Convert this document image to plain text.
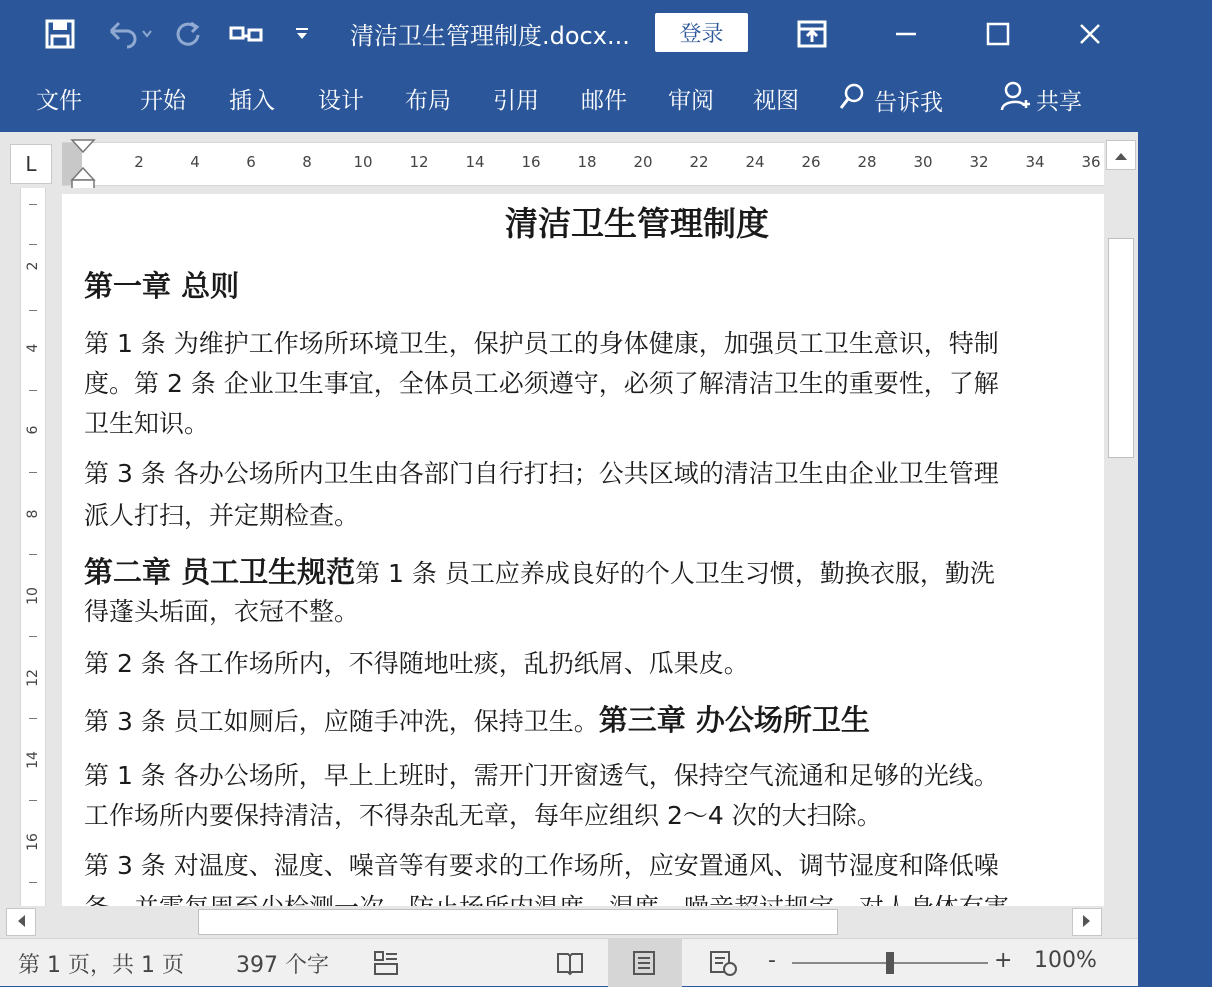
清洁卫生管理制度.docx...	登录
文件	开始 插入 设计 布局 引用 邮件 审阅 视图	告诉我	共享
L	2	4	6	8	10	12	14	16	18	20	22	24	26	28	30	32	34	36
2
4
6
8
10
12
14
16
清洁卫生管理制度
第一章 总则
第 1 条 为维护工作场所环境卫生，保护员工的身体健康，加强员工卫生意识，特制
度。第 2 条 企业卫生事宜，全体员工必须遵守，必须了解清洁卫生的重要性，了解
卫生知识。
第 3 条 各办公场所内卫生由各部门自行打扫；公共区域的清洁卫生由企业卫生管理
派人打扫，并定期检查。
第二章 员工卫生规范第 1 条 员工应养成良好的个人卫生习惯，勤换衣服，勤洗
得蓬头垢面，衣冠不整。
第 2 条 各工作场所内，不得随地吐痰，乱扔纸屑、瓜果皮。
第 3 条 员工如厕后，应随手冲洗，保持卫生。第三章 办公场所卫生
第 1 条 各办公场所，早上上班时，需开门开窗透气，保持空气流通和足够的光线。
工作场所内要保持清洁，不得杂乱无章，每年应组织 2～4 次的大扫除。
第 3 条 对温度、湿度、噪音等有要求的工作场所，应安置通风、调节湿度和降低噪
第 1 页，共 1 页 397 个字	-	+ 100%
